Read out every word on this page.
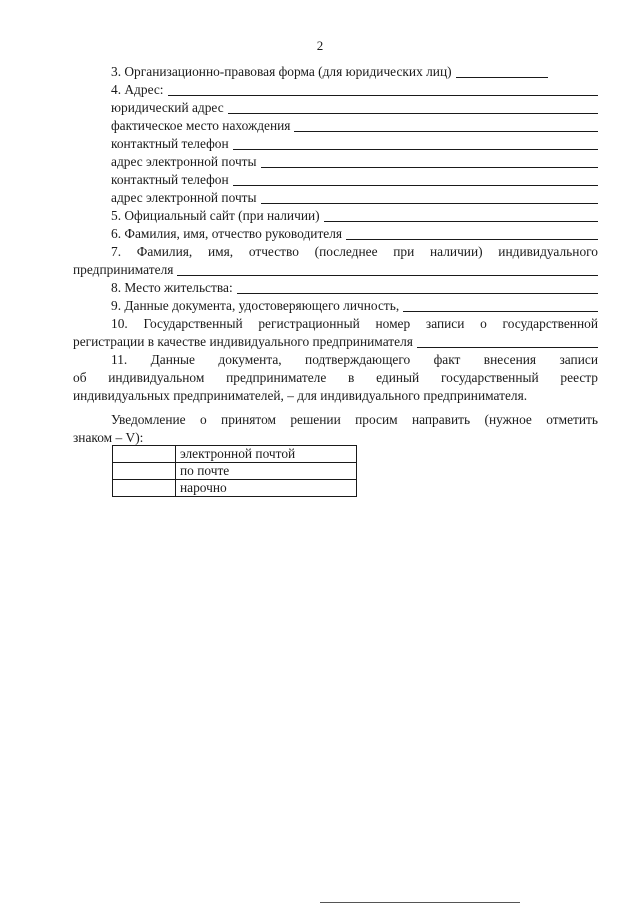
2
3. Организационно-правовая форма (для юридических лиц)
4. Адрес:
юридический адрес
фактическое место нахождения
контактный телефон
адрес электронной почты
контактный телефон
адрес электронной почты
5. Официальный сайт (при наличии)
6. Фамилия, имя, отчество руководителя
7. Фамилия, имя, отчество (последнее при наличии) индивидуального
предпринимателя
8. Место жительства:
9. Данные документа, удостоверяющего личность,
10. Государственный регистрационный номер записи о государственной
регистрации в качестве индивидуального предпринимателя
11. Данные документа, подтверждающего факт внесения записи
об индивидуальном предпринимателе в единый государственный реестр
индивидуальных предпринимателей, – для индивидуального предпринимателя.
Уведомление о принятом решении просим направить (нужное отметить
знаком – V):
	электронной почтой
	по почте
	нарочно
